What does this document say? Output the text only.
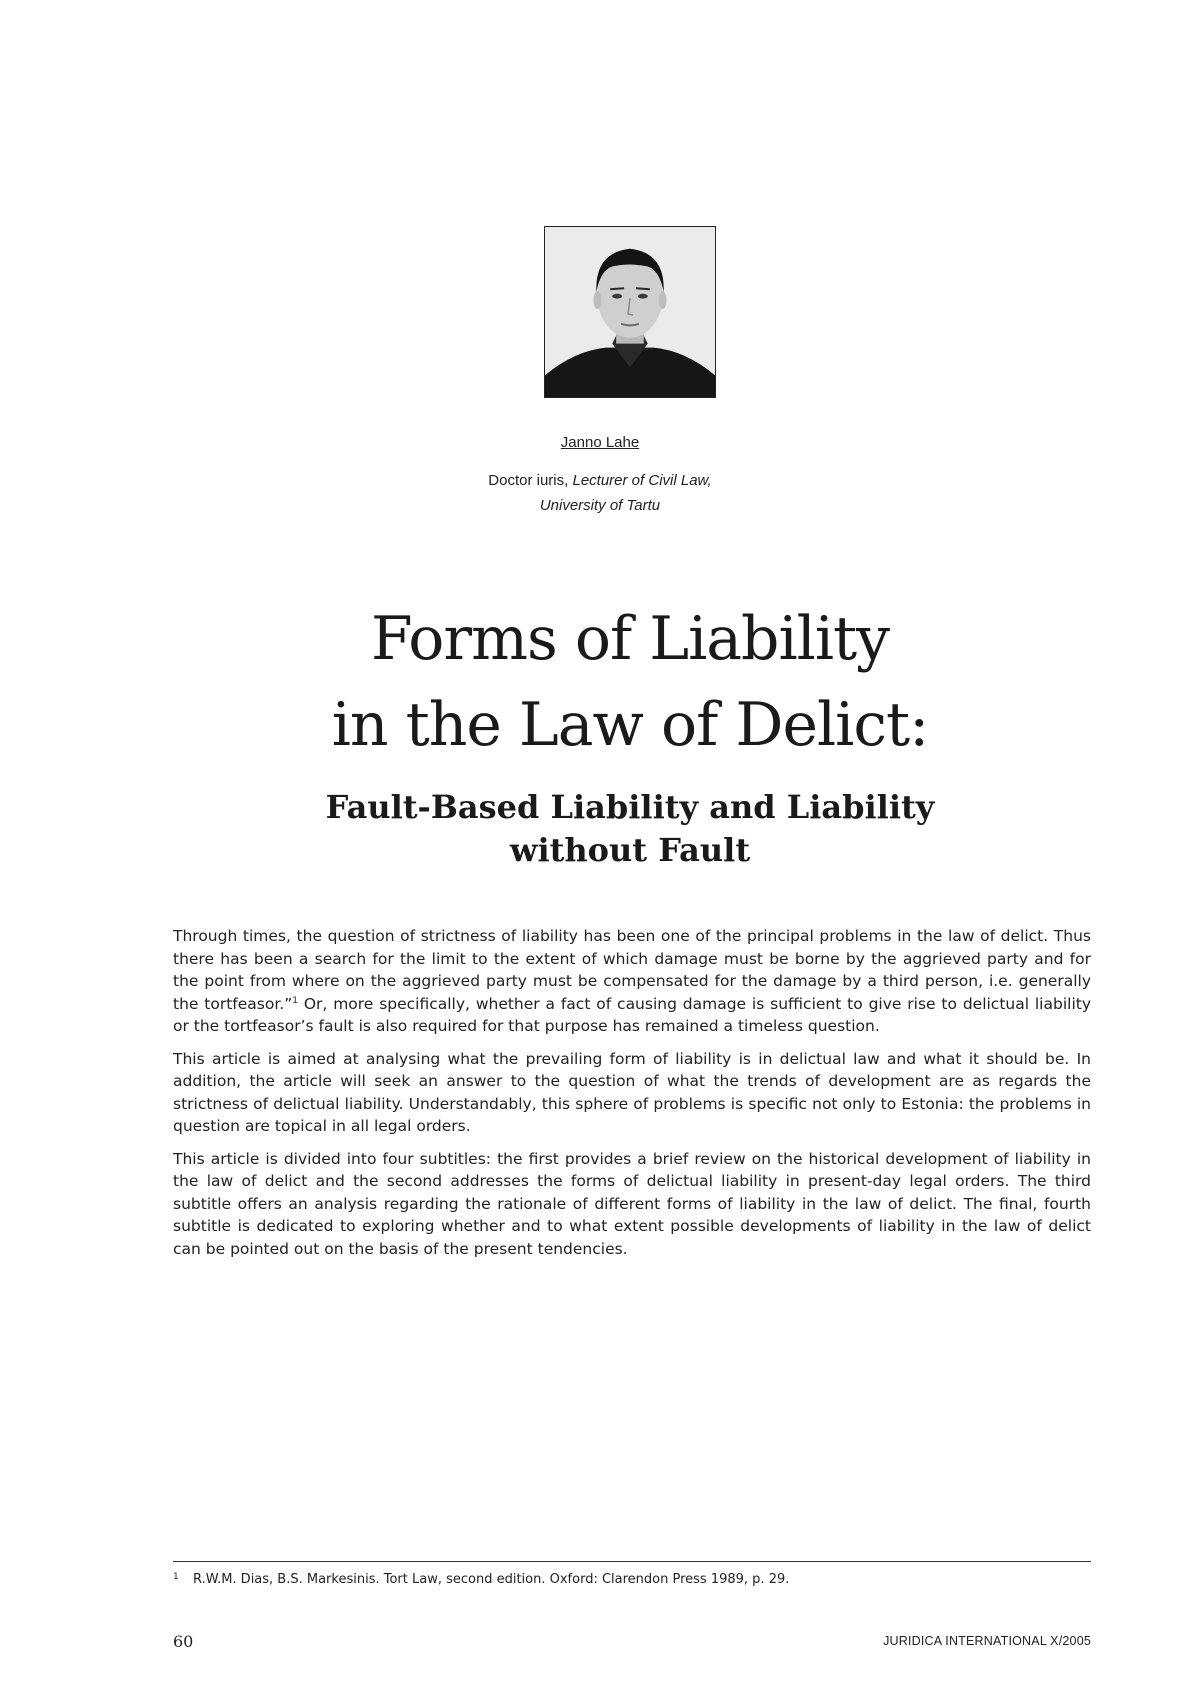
Janno Lahe
Doctor iuris, Lecturer of Civil Law,
University of Tartu
Forms of Liability
in the Law of Delict:
Fault-Based Liability and Liability
without Fault

Through times, the question of strictness of liability has been one of the principal problems in the law of delict. Thus there has been a search for the limit to the extent of which damage must be borne by the aggrieved party and for the point from where on the aggrieved party must be compensated for the damage by a third person, i.e. generally the tortfeasor.”$^1$ Or, more specifically, whether a fact of causing damage is sufficient to give rise to delictual liability or the tortfeasor’s fault is also required for that purpose has remained a timeless question.

This article is aimed at analysing what the prevailing form of liability is in delictual law and what it should be. In addition, the article will seek an answer to the question of what the trends of development are as regards the strictness of delictual liability. Understandably, this sphere of problems is specific not only to Estonia: the problems in question are topical in all legal orders.

This article is divided into four subtitles: the first provides a brief review on the historical development of liability in the law of delict and the second addresses the forms of delictual liability in present-day legal orders. The third subtitle offers an analysis regarding the rationale of different forms of liability in the law of delict. The final, fourth subtitle is dedicated to exploring whether and to what extent possible developments of liability in the law of delict can be pointed out on the basis of the present tendencies.

1 R.W.M. Dias, B.S. Markesinis. Tort Law, second edition. Oxford: Clarendon Press 1989, p. 29.
60	JURIDICA INTERNATIONAL X/2005
